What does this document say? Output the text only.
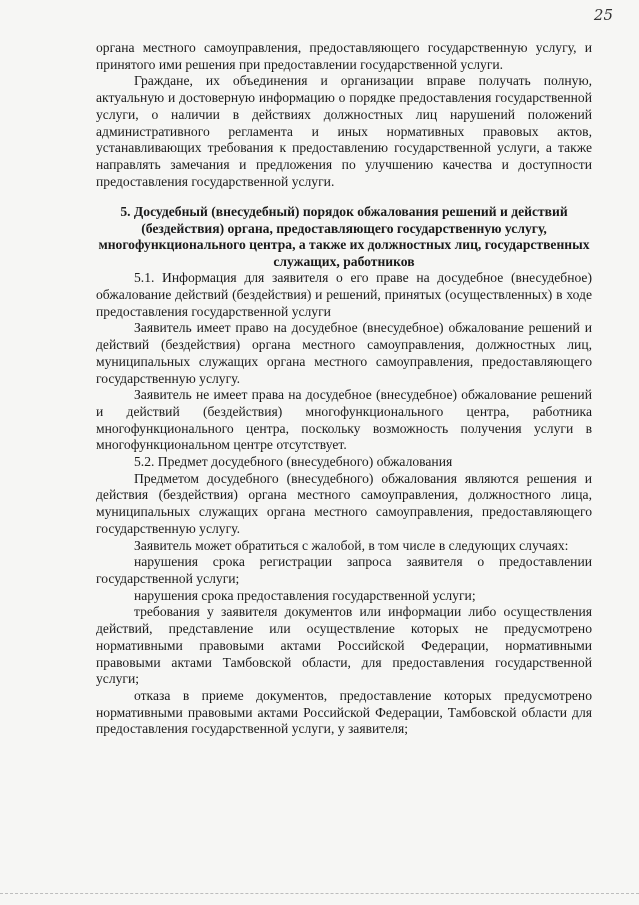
25

органа местного самоуправления, предоставляющего государственную услугу, и принятого ими решения при предоставлении государственной услуги.

Граждане, их объединения и организации вправе получать полную, актуальную и достоверную информацию о порядке предоставления государственной услуги, о наличии в действиях должностных лиц нарушений положений административного регламента и иных нормативных правовых актов, устанавливающих требования к предоставлению государственной услуги, а также направлять замечания и предложения по улучшению качества и доступности предоставления государственной услуги.

5. Досудебный (внесудебный) порядок обжалования решений и действий (бездействия) органа, предоставляющего государственную услугу, многофункционального центра, а также их должностных лиц, государственных служащих, работников

5.1. Информация для заявителя о его праве на досудебное (внесудебное) обжалование действий (бездействия) и решений, принятых (осуществленных) в ходе предоставления государственной услуги

Заявитель имеет право на досудебное (внесудебное) обжалование решений и действий (бездействия) органа местного самоуправления, должностных лиц, муниципальных служащих органа местного самоуправления, предоставляющего государственную услугу.

Заявитель не имеет права на досудебное (внесудебное) обжалование решений и действий (бездействия) многофункционального центра, работника многофункционального центра, поскольку возможность получения услуги в многофункциональном центре отсутствует.

5.2. Предмет досудебного (внесудебного) обжалования

Предметом досудебного (внесудебного) обжалования являются решения и действия (бездействия) органа местного самоуправления, должностного лица, муниципальных служащих органа местного самоуправления, предоставляющего государственную услугу.

Заявитель может обратиться с жалобой, в том числе в следующих случаях:

нарушения срока регистрации запроса заявителя о предоставлении государственной услуги;

нарушения срока предоставления государственной услуги;

требования у заявителя документов или информации либо осуществления действий, представление или осуществление которых не предусмотрено нормативными правовыми актами Российской Федерации, нормативными правовыми актами Тамбовской области, для предоставления государственной услуги;

отказа в приеме документов, предоставление которых предусмотрено нормативными правовыми актами Российской Федерации, Тамбовской области для предоставления государственной услуги, у заявителя;
